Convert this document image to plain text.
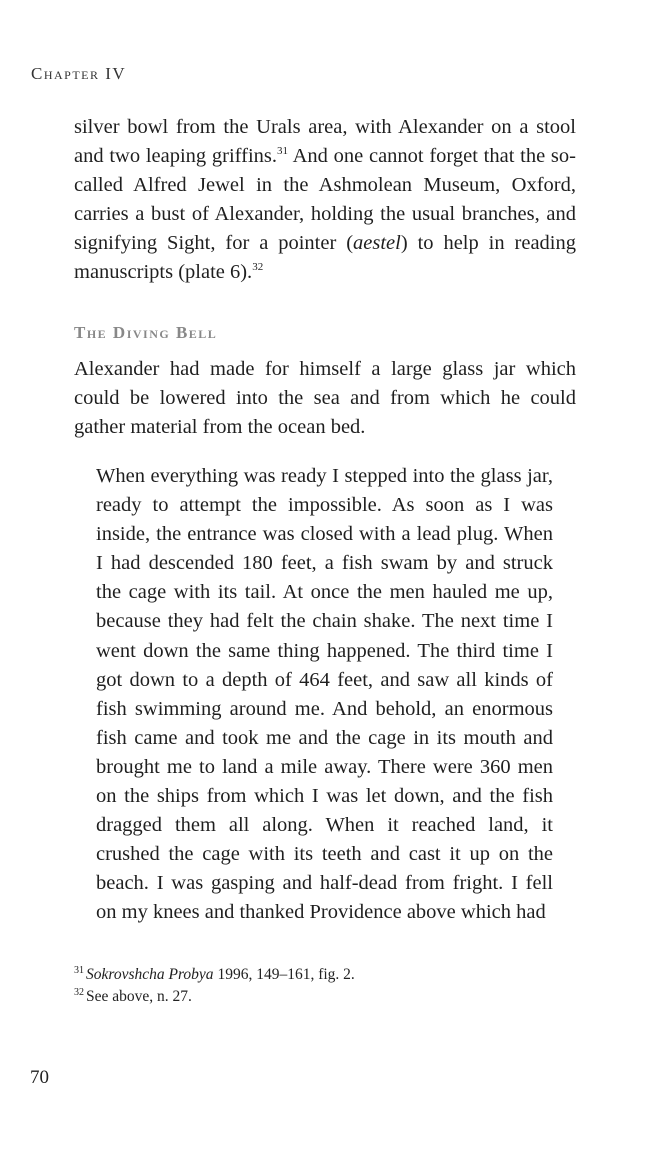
Chapter IV
silver bowl from the Urals area, with Alexander on a stool and two leaping griffins.$^{31}$ And one cannot forget that the so-called Alfred Jewel in the Ashmolean Museum, Oxford, carries a bust of Alexander, holding the usual branches, and signifying Sight, for a pointer (aestel) to help in reading manuscripts (plate 6).$^{32}$
The Diving Bell
Alexander had made for himself a large glass jar which could be lowered into the sea and from which he could gather material from the ocean bed.
When everything was ready I stepped into the glass jar, ready to attempt the impossible. As soon as I was inside, the entrance was closed with a lead plug. When I had descended 180 feet, a fish swam by and struck the cage with its tail. At once the men hauled me up, because they had felt the chain shake. The next time I went down the same thing happened. The third time I got down to a depth of 464 feet, and saw all kinds of fish swimming around me. And behold, an enormous fish came and took me and the cage in its mouth and brought me to land a mile away. There were 360 men on the ships from which I was let down, and the fish dragged them all along. When it reached land, it crushed the cage with its teeth and cast it up on the beach. I was gasping and half-dead from fright. I fell on my knees and thanked Providence above which had
$^{31}$ Sokrovshcha Probya 1996, 149–161, fig. 2.
$^{32}$ See above, n. 27.
70
